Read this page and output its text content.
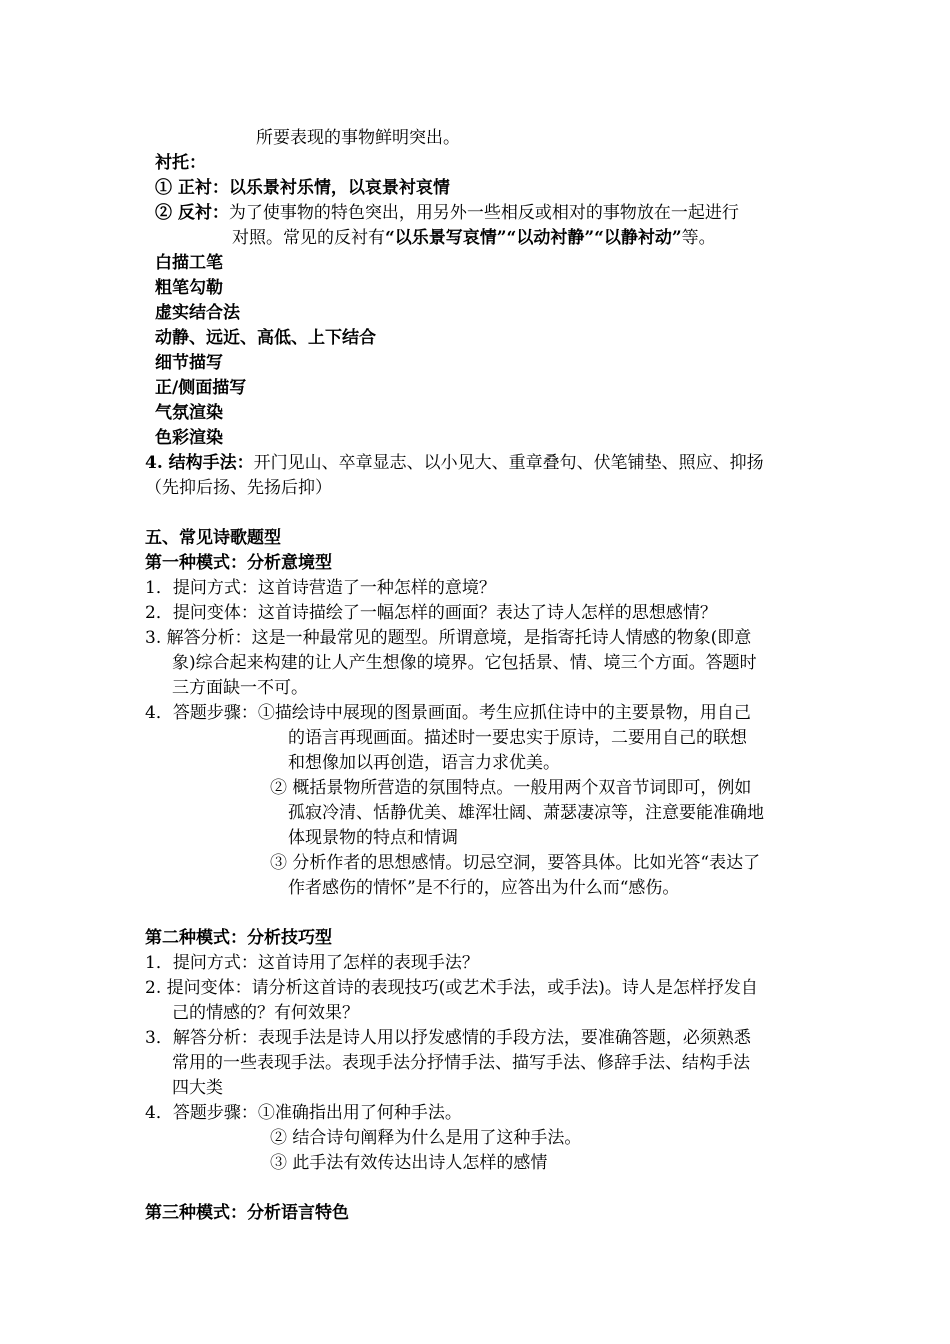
所要表现的事物鲜明突出。
衬托：
① 正衬：以乐景衬乐情，以哀景衬哀情
② 反衬：为了使事物的特色突出，用另外一些相反或相对的事物放在一起进行
对照。常见的反衬有“以乐景写哀情”“以动衬静”“以静衬动”等。
白描工笔
粗笔勾勒
虚实结合法
动静、远近、高低、上下结合
细节描写
正/侧面描写
气氛渲染
色彩渲染
4. 结构手法：开门见山、卒章显志、以小见大、重章叠句、伏笔铺垫、照应、抑扬
（先抑后扬、先扬后抑）
五、常见诗歌题型
第一种模式：分析意境型
1．提问方式：这首诗营造了一种怎样的意境？
2．提问变体：这首诗描绘了一幅怎样的画面？表达了诗人怎样的思想感情？
3. 解答分析：这是一种最常见的题型。所谓意境，是指寄托诗人情感的物象(即意
象)综合起来构建的让人产生想像的境界。它包括景、情、境三个方面。答题时
三方面缺一不可。
4．答题步骤：①描绘诗中展现的图景画面。考生应抓住诗中的主要景物，用自己
的语言再现画面。描述时一要忠实于原诗，二要用自己的联想
和想像加以再创造，语言力求优美。
② 概括景物所营造的氛围特点。一般用两个双音节词即可，例如
孤寂冷清、恬静优美、雄浑壮阔、萧瑟凄凉等，注意要能准确地
体现景物的特点和情调
③ 分析作者的思想感情。切忌空洞，要答具体。比如光答“表达了
作者感伤的情怀”是不行的，应答出为什么而“感伤。
第二种模式：分析技巧型
1．提问方式：这首诗用了怎样的表现手法？
2. 提问变体：请分析这首诗的表现技巧(或艺术手法，或手法)。诗人是怎样抒发自
己的情感的？有何效果？
3．解答分析：表现手法是诗人用以抒发感情的手段方法，要准确答题，必须熟悉
常用的一些表现手法。表现手法分抒情手法、描写手法、修辞手法、结构手法
四大类
4．答题步骤：①准确指出用了何种手法。
② 结合诗句阐释为什么是用了这种手法。
③ 此手法有效传达出诗人怎样的感情
第三种模式：分析语言特色
